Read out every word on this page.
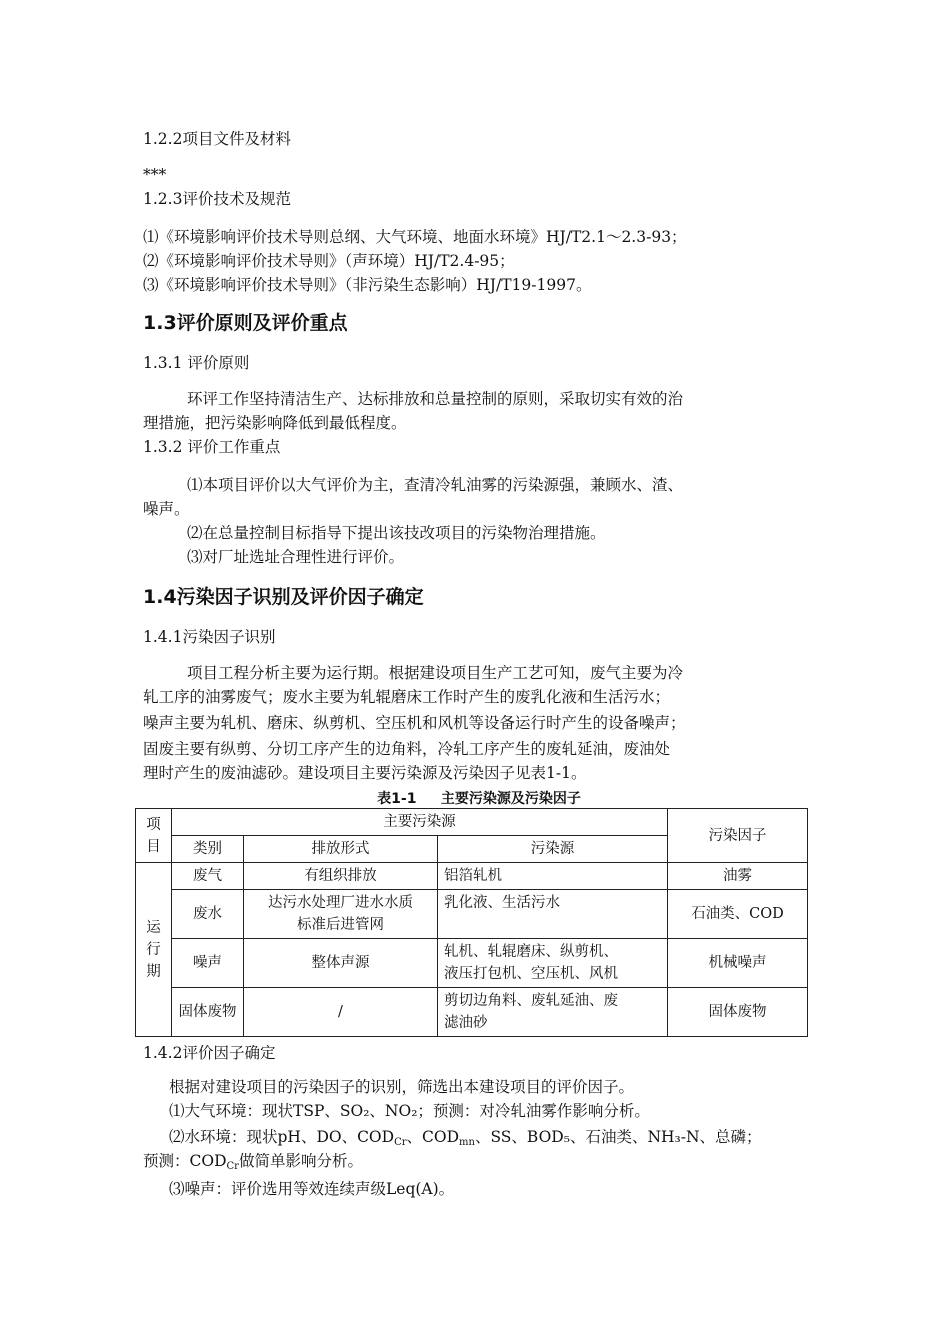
1.2.2项目文件及材料
***
1.2.3评价技术及规范
⑴《环境影响评价技术导则总纲、大气环境、地面水环境》HJ/T2.1～2.3-93；
⑵《环境影响评价技术导则》（声环境）HJ/T2.4-95；
⑶《环境影响评价技术导则》（非污染生态影响）HJ/T19-1997。
1.3评价原则及评价重点
1.3.1 评价原则
环评工作坚持清洁生产、达标排放和总量控制的原则，采取切实有效的治
理措施，把污染影响降低到最低程度。
1.3.2 评价工作重点
⑴本项目评价以大气评价为主，查清冷轧油雾的污染源强，兼顾水、渣、
噪声。
⑵在总量控制目标指导下提出该技改项目的污染物治理措施。
⑶对厂址选址合理性进行评价。
1.4污染因子识别及评价因子确定
1.4.1污染因子识别
项目工程分析主要为运行期。根据建设项目生产工艺可知，废气主要为冷
轧工序的油雾废气；废水主要为轧辊磨床工作时产生的废乳化液和生活污水；
噪声主要为轧机、磨床、纵剪机、空压机和风机等设备运行时产生的设备噪声；
固废主要有纵剪、分切工序产生的边角料，冷轧工序产生的废轧延油，废油处
理时产生的废油滤砂。建设项目主要污染源及污染因子见表1-1。
表1-1     主要污染源及污染因子
项
目	主要污染源			污染因子
	类别	排放形式	污染源	
运
行
期	废气	有组织排放	铝箔轧机	油雾
	废水	达污水处理厂进水水质
标准后进管网	乳化液、生活污水	石油类、COD
	噪声	整体声源	轧机、轧辊磨床、纵剪机、
液压打包机、空压机、风机	机械噪声
	固体废物	/	剪切边角料、废轧延油、废
滤油砂	固体废物
1.4.2评价因子确定
根据对建设项目的污染因子的识别，筛选出本建设项目的评价因子。
⑴大气环境：现状TSP、SO₂、NO₂；预测：对冷轧油雾作影响分析。
⑵水环境：现状pH、DO、$COD_{Cr}$、$COD_{mn}$、SS、BOD₅、石油类、NH₃-N、总磷；
预测：$COD_{Cr}$做简单影响分析。
⑶噪声：评价选用等效连续声级Leq(A)。
